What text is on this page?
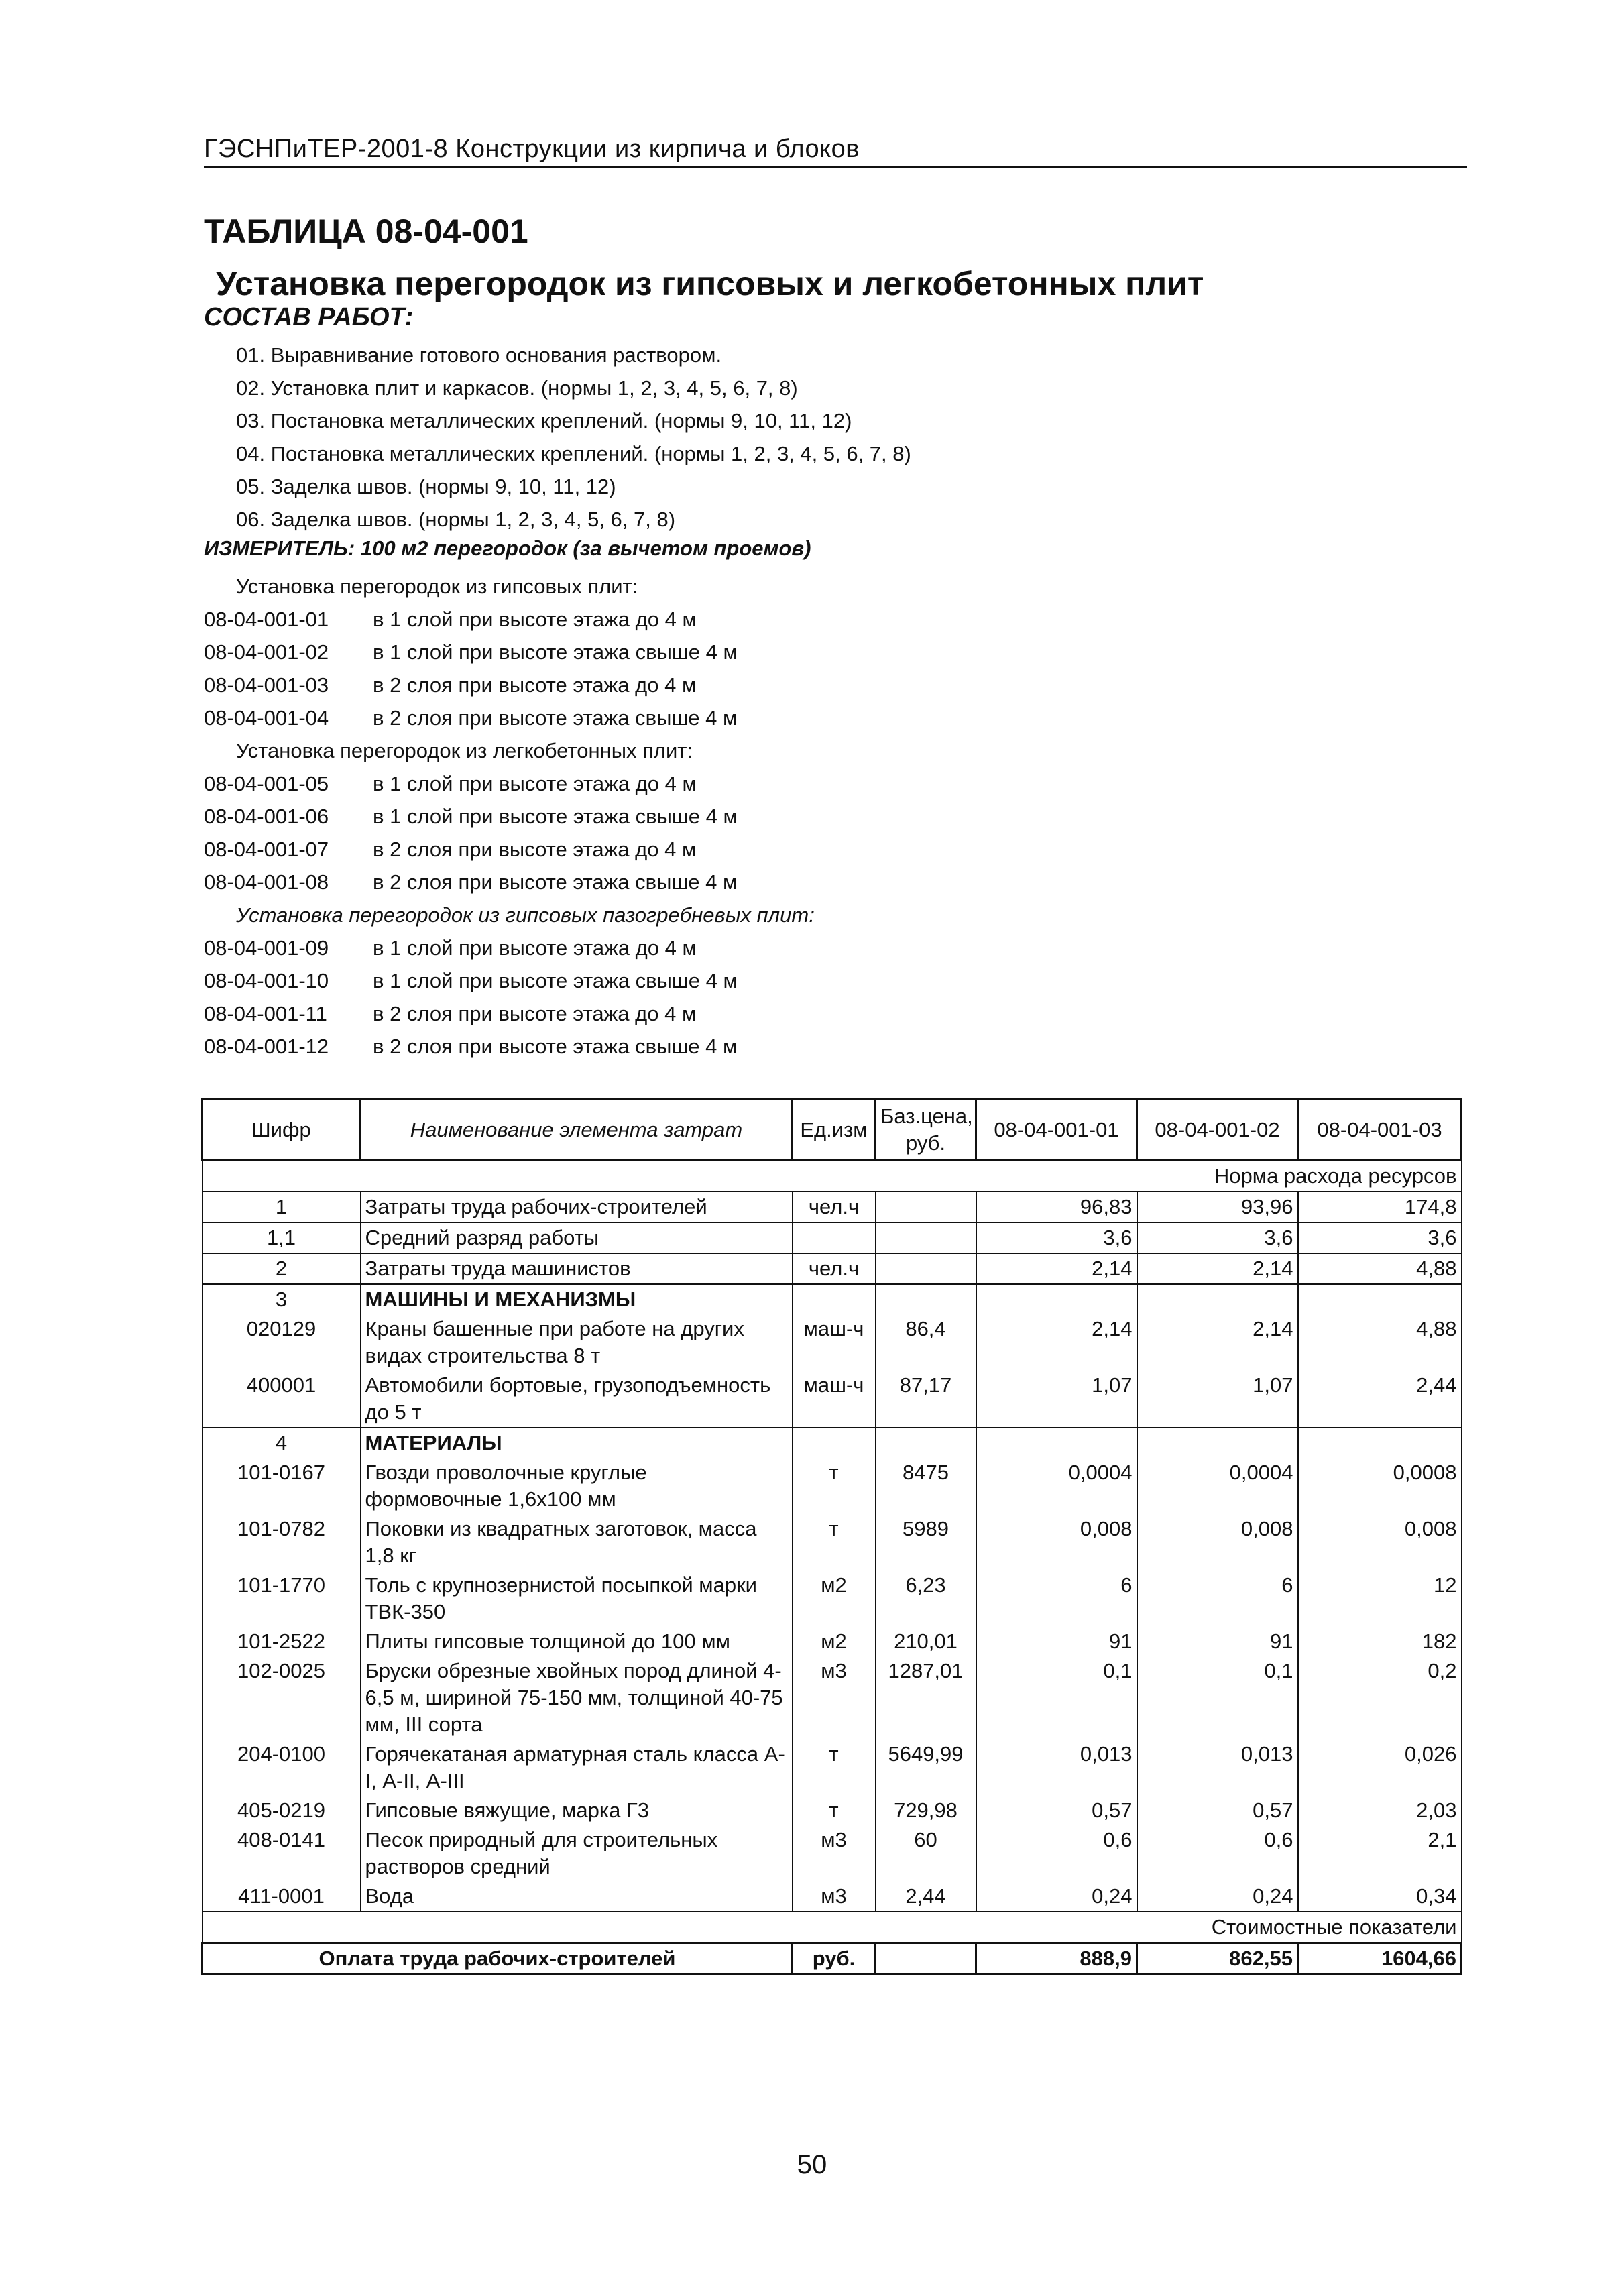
ГЭСНПиТЕР-2001-8 Конструкции из кирпича и блоков
ТАБЛИЦА 08-04-001
Установка перегородок из гипсовых и легкобетонных плит
СОСТАВ РАБОТ:
01. Выравнивание готового основания раствором.
02. Установка плит и каркасов. (нормы 1, 2, 3, 4, 5, 6, 7, 8)
03. Постановка металлических креплений. (нормы 9, 10, 11, 12)
04. Постановка металлических креплений. (нормы 1, 2, 3, 4, 5, 6, 7, 8)
05. Заделка швов. (нормы 9, 10, 11, 12)
06. Заделка швов. (нормы 1, 2, 3, 4, 5, 6, 7, 8)
ИЗМЕРИТЕЛЬ: 100 м2 перегородок (за вычетом проемов)
Установка перегородок из гипсовых плит:
08-04-001-01	в 1 слой при высоте этажа до 4 м
08-04-001-02	в 1 слой при высоте этажа свыше 4 м
08-04-001-03	в 2 слоя при высоте этажа до 4 м
08-04-001-04	в 2 слоя при высоте этажа свыше 4 м
Установка перегородок из легкобетонных плит:
08-04-001-05	в 1 слой при высоте этажа до 4 м
08-04-001-06	в 1 слой при высоте этажа свыше 4 м
08-04-001-07	в 2 слоя при высоте этажа до 4 м
08-04-001-08	в 2 слоя при высоте этажа свыше 4 м
Установка перегородок из гипсовых пазогребневых плит:
08-04-001-09	в 1 слой при высоте этажа до 4 м
08-04-001-10	в 1 слой при высоте этажа свыше 4 м
08-04-001-11	в 2 слоя при высоте этажа до 4 м
08-04-001-12	в 2 слоя при высоте этажа свыше 4 м
Шифр	Наименование элемента затрат	Ед.изм	Баз.цена, руб.	08-04-001-01	08-04-001-02	08-04-001-03
Норма расхода ресурсов						
1	Затраты труда рабочих-строителей	чел.ч		96,83	93,96	174,8
1,1	Средний разряд работы			3,6	3,6	3,6
2	Затраты труда машинистов	чел.ч		2,14	2,14	4,88
3	МАШИНЫ И МЕХАНИЗМЫ					
020129	Краны башенные при работе на других видах строительства 8 т	маш-ч	86,4	2,14	2,14	4,88
400001	Автомобили бортовые, грузоподъемность до 5 т	маш-ч	87,17	1,07	1,07	2,44
4	МАТЕРИАЛЫ					
101-0167	Гвозди проволочные круглые формовочные 1,6х100 мм	т	8475	0,0004	0,0004	0,0008
101-0782	Поковки из квадратных заготовок, масса 1,8 кг	т	5989	0,008	0,008	0,008
101-1770	Толь с крупнозернистой посыпкой марки ТВК-350	м2	6,23	6	6	12
101-2522	Плиты гипсовые толщиной до 100 мм	м2	210,01	91	91	182
102-0025	Бруски обрезные хвойных пород длиной 4-6,5 м, шириной 75-150 мм, толщиной 40-75 мм, III сорта	м3	1287,01	0,1	0,1	0,2
204-0100	Горячекатаная арматурная сталь класса А-I, А-II, А-III	т	5649,99	0,013	0,013	0,026
405-0219	Гипсовые вяжущие, марка Г3	т	729,98	0,57	0,57	2,03
408-0141	Песок природный для строительных растворов средний	м3	60	0,6	0,6	2,1
411-0001	Вода	м3	2,44	0,24	0,24	0,34
Стоимостные показатели						
Оплата труда рабочих-строителей		руб.		888,9	862,55	1604,66
50
